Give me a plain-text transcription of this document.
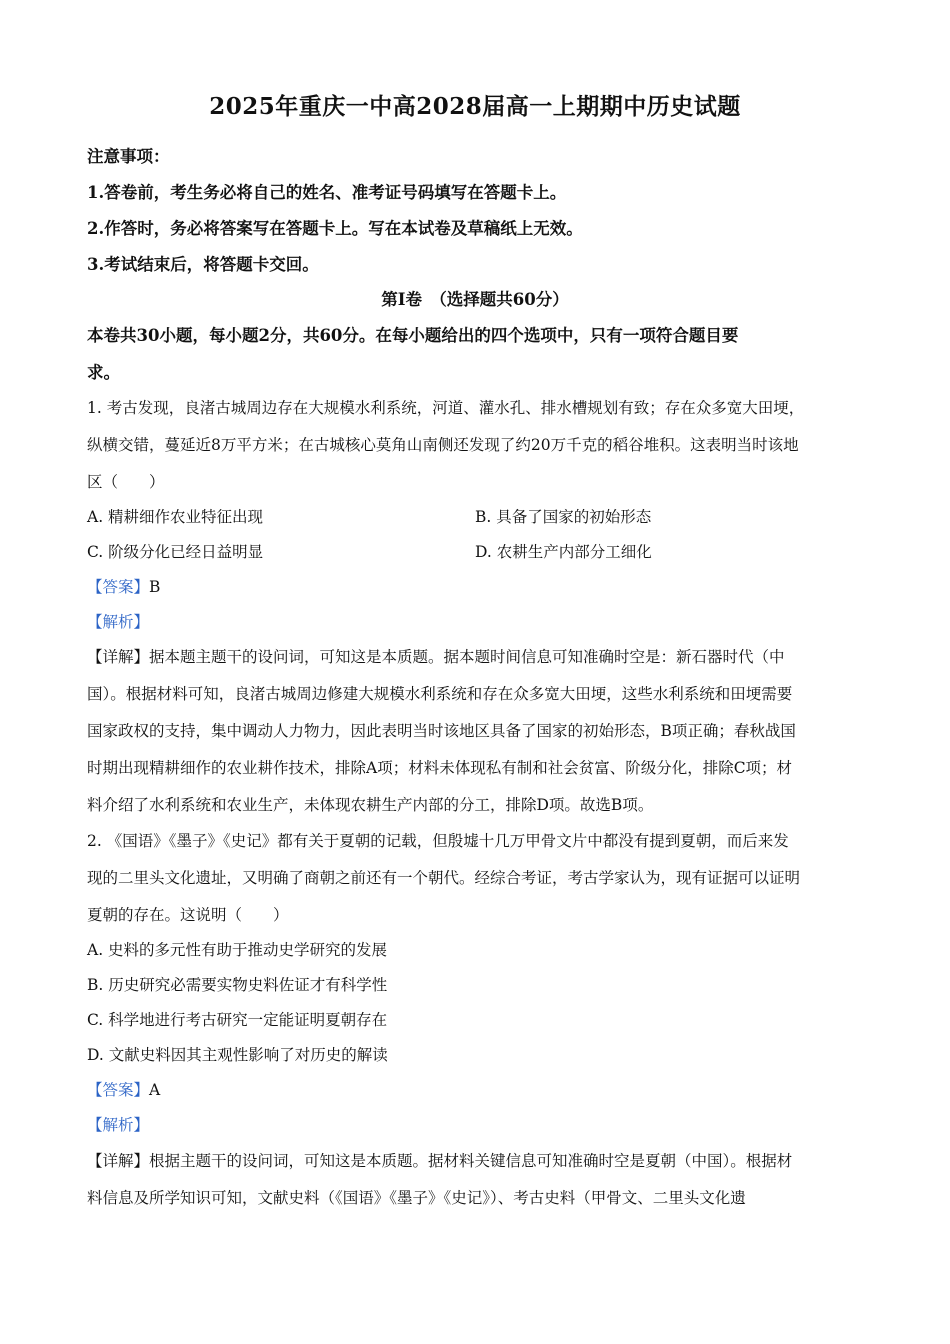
2025年重庆一中高2028届高一上期期中历史试题
注意事项：
1.答卷前，考生务必将自己的姓名、准考证号码填写在答题卡上。
2.作答时，务必将答案写在答题卡上。写在本试卷及草稿纸上无效。
3.考试结束后，将答题卡交回。
第Ⅰ卷　（选择题共60分）
本卷共30小题，每小题2分，共60分。在每小题给出的四个选项中，只有一项符合题目要
求。
1. 考古发现，良渚古城周边存在大规模水利系统，河道、灌水孔、排水槽规划有致；存在众多宽大田埂，
纵横交错，蔓延近8万平方米；在古城核心莫角山南侧还发现了约20万千克的稻谷堆积。这表明当时该地
区（　　）
A. 精耕细作农业特征出现	B. 具备了国家的初始形态
C. 阶级分化已经日益明显	D. 农耕生产内部分工细化
【答案】B
【解析】
【详解】据本题主题干的设问词，可知这是本质题。据本题时间信息可知准确时空是：新石器时代（中
国）。根据材料可知，良渚古城周边修建大规模水利系统和存在众多宽大田埂，这些水利系统和田埂需要
国家政权的支持，集中调动人力物力，因此表明当时该地区具备了国家的初始形态，B项正确；春秋战国
时期出现精耕细作的农业耕作技术，排除A项；材料未体现私有制和社会贫富、阶级分化，排除C项；材
料介绍了水利系统和农业生产，未体现农耕生产内部的分工，排除D项。故选B项。
2. 《国语》《墨子》《史记》都有关于夏朝的记载，但殷墟十几万甲骨文片中都没有提到夏朝，而后来发
现的二里头文化遗址，又明确了商朝之前还有一个朝代。经综合考证，考古学家认为，现有证据可以证明
夏朝的存在。这说明（　　）
A. 史料的多元性有助于推动史学研究的发展
B. 历史研究必需要实物史料佐证才有科学性
C. 科学地进行考古研究一定能证明夏朝存在
D. 文献史料因其主观性影响了对历史的解读
【答案】A
【解析】
【详解】根据主题干的设问词，可知这是本质题。据材料关键信息可知准确时空是夏朝（中国）。根据材
料信息及所学知识可知，文献史料（《国语》《墨子》《史记》）、考古史料（甲骨文、二里头文化遗
